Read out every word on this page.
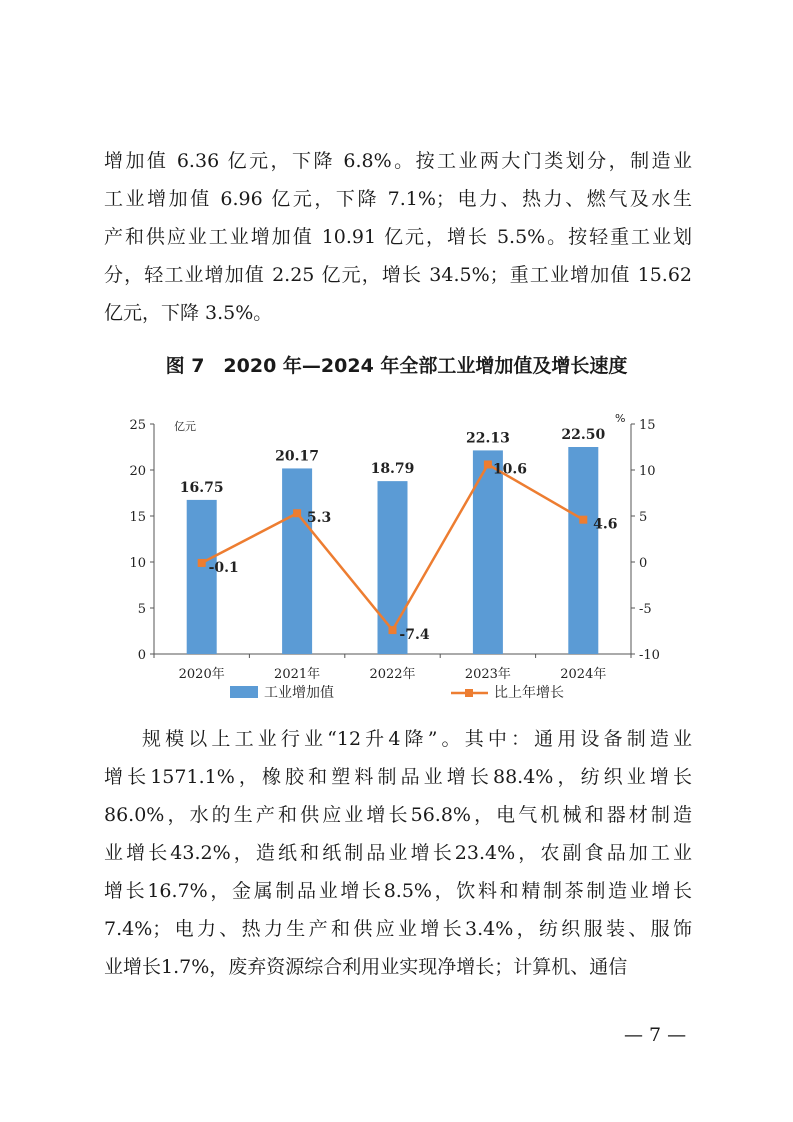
增加值 6.36 亿元，下降 6.8%。按工业两大门类划分，制造业
工业增加值 6.96 亿元，下降 7.1%；电力、热力、燃气及水生
产和供应业工业增加值 10.91 亿元，增长 5.5%。按轻重工业划
分，轻工业增加值 2.25 亿元，增长 34.5%；重工业增加值 15.62
亿元，下降 3.5%。
图 7　2020 年—2024 年全部工业增加值及增长速度
25
20
15
10
5
0
15
10
5
0
-5
-10
亿元
%
2020年	2021年	2022年	2023年	2024年
16.75
20.17
18.79
22.13	22.50
-0.1
5.3
-7.4
10.6
4.6
工业增加值	比上年增长
规模以上工业行业“12升4降”。其中：通用设备制造业
增长1571.1%，橡胶和塑料制品业增长88.4%，纺织业增长
86.0%，水的生产和供应业增长56.8%，电气机械和器材制造
业增长43.2%，造纸和纸制品业增长23.4%，农副食品加工业
增长16.7%，金属制品业增长8.5%，饮料和精制茶制造业增长
7.4%；电力、热力生产和供应业增长3.4%，纺织服装、服饰
业增长1.7%，废弃资源综合利用业实现净增长；计算机、通信
— 7 —
